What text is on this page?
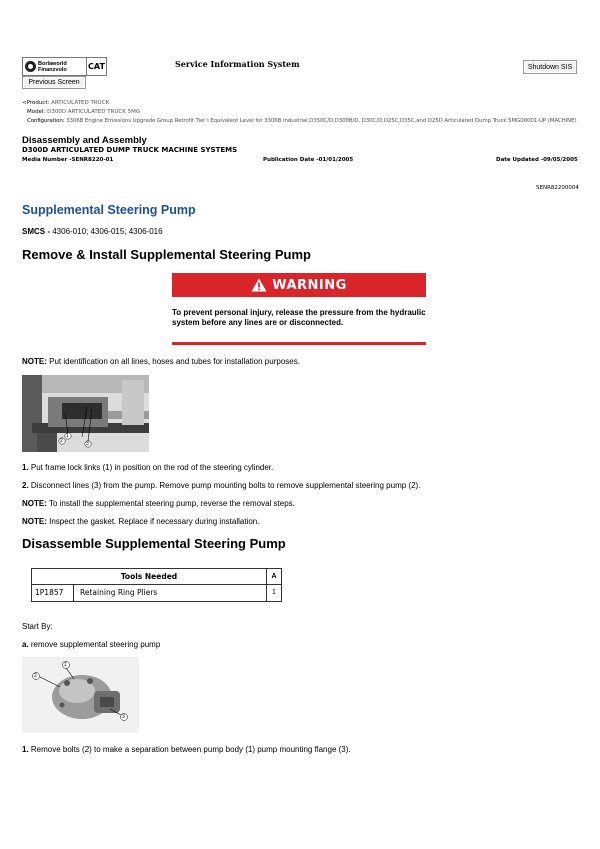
Borlaworld
Finanzvolo	CAT	Service Information System	Shutdown SIS
Previous Screen
<Product: ARTICULATED TRUCK
Model: D300D ARTICULATED TRUCK 5MG
Configuration: 3306B Engine Emissions Upgrade Group Retrofit Tier I Equivalent Level for 3306B Industrial,D350C/D,D300B/D, D30C/D,D25C,D35C,and D25D Articulated Dump Truck 5MG00001-UP (MACHINE)
Disassembly and Assembly
D300D ARTICULATED DUMP TRUCK MACHINE SYSTEMS
Media Number -SENR8220-01	Publication Date -01/01/2005	Date Updated -09/05/2005
SENR82200004
Supplemental Steering Pump
SMCS - 4306-010; 4306-015; 4306-016
Remove & Install Supplemental Steering Pump
WARNING
To prevent personal injury, release the pressure from the hydraulic system before any lines are or disconnected.
NOTE: Put identification on all lines, hoses and tubes for installation purposes.
1
2	3
1. Put frame lock links (1) in position on the rod of the steering cylinder.
2. Disconnect lines (3) from the pump. Remove pump mounting bolts to remove supplemental steering pump (2).
NOTE: To install the supplemental steering pump, reverse the removal steps.
NOTE: Inspect the gasket. Replace if necessary during installation.
Disassemble Supplemental Steering Pump
Tools Needed	A
1P1857	Retaining Ring Pliers	1
Start By:
a. remove supplemental steering pump
1
2
3
1. Remove bolts (2) to make a separation between pump body (1) pump mounting flange (3).
